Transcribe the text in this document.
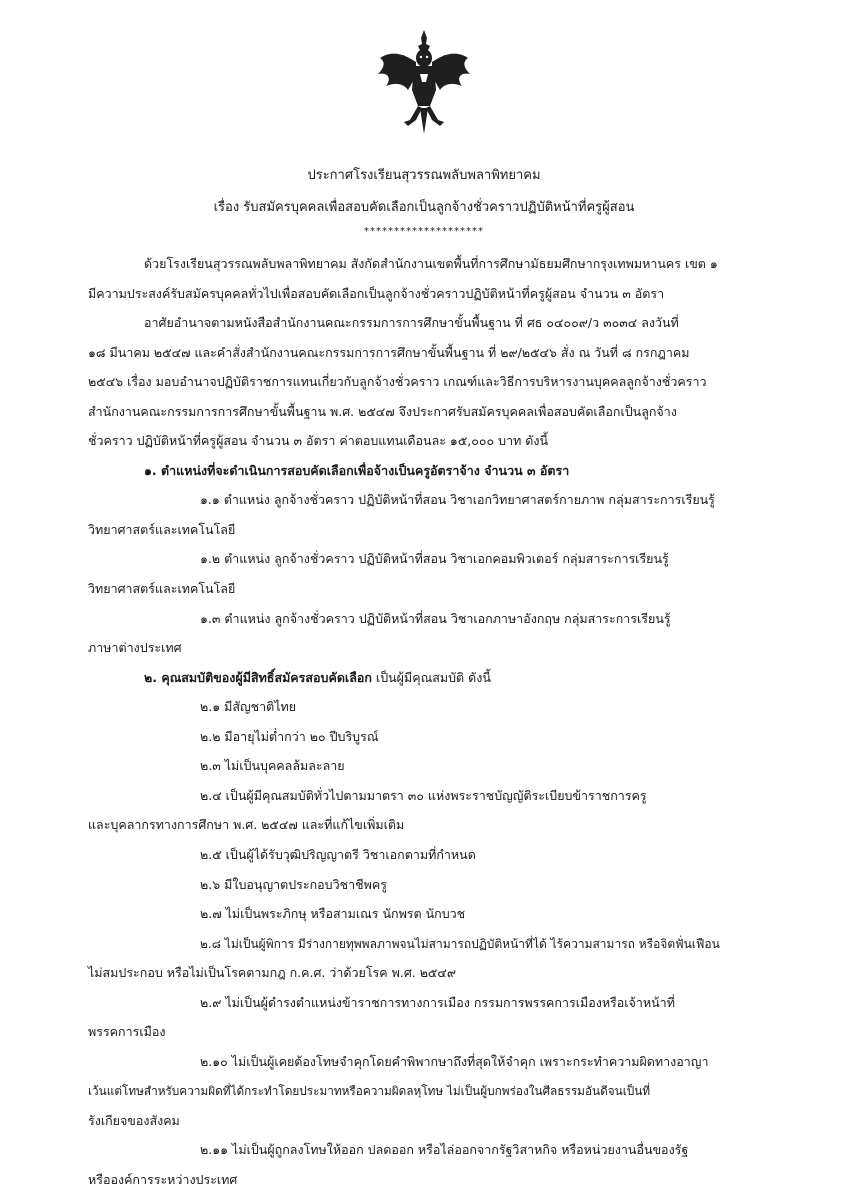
ประกาศโรงเรียนสุวรรณพลับพลาพิทยาคม
เรื่อง รับสมัครบุคคลเพื่อสอบคัดเลือกเป็นลูกจ้างชั่วคราวปฏิบัติหน้าที่ครูผู้สอน
********************
ด้วยโรงเรียนสุวรรณพลับพลาพิทยาคม สังกัดสำนักงานเขตพื้นที่การศึกษามัธยมศึกษากรุงเทพมหานคร เขต ๑
มีความประสงค์รับสมัครบุคคลทั่วไปเพื่อสอบคัดเลือกเป็นลูกจ้างชั่วคราวปฏิบัติหน้าที่ครูผู้สอน จำนวน ๓ อัตรา
อาศัยอำนาจตามหนังสือสำนักงานคณะกรรมการการศึกษาขั้นพื้นฐาน ที่ ศธ ๐๔๐๐๙/ว ๓๐๓๔ ลงวันที่
๑๘ มีนาคม ๒๕๔๗ และคำสั่งสำนักงานคณะกรรมการการศึกษาขั้นพื้นฐาน ที่ ๒๙/๒๕๔๖ สั่ง ณ วันที่ ๘ กรกฎาคม
๒๕๔๖ เรื่อง มอบอำนาจปฏิบัติราชการแทนเกี่ยวกับลูกจ้างชั่วคราว เกณฑ์และวิธีการบริหารงานบุคคลลูกจ้างชั่วคราว
สำนักงานคณะกรรมการการศึกษาขั้นพื้นฐาน พ.ศ. ๒๕๔๗ จึงประกาศรับสมัครบุคคลเพื่อสอบคัดเลือกเป็นลูกจ้าง
ชั่วคราว ปฏิบัติหน้าที่ครูผู้สอน จำนวน ๓ อัตรา ค่าตอบแทนเดือนละ ๑๕,๐๐๐ บาท ดังนี้
๑. ตำแหน่งที่จะดำเนินการสอบคัดเลือกเพื่อจ้างเป็นครูอัตราจ้าง จำนวน ๓ อัตรา
๑.๑ ตำแหน่ง ลูกจ้างชั่วคราว ปฏิบัติหน้าที่สอน วิชาเอกวิทยาศาสตร์กายภาพ กลุ่มสาระการเรียนรู้
วิทยาศาสตร์และเทคโนโลยี
๑.๒ ตำแหน่ง ลูกจ้างชั่วคราว ปฏิบัติหน้าที่สอน วิชาเอกคอมพิวเตอร์ กลุ่มสาระการเรียนรู้
วิทยาศาสตร์และเทคโนโลยี
๑.๓ ตำแหน่ง ลูกจ้างชั่วคราว ปฏิบัติหน้าที่สอน วิชาเอกภาษาอังกฤษ กลุ่มสาระการเรียนรู้
ภาษาต่างประเทศ
๒. คุณสมบัติของผู้มีสิทธิ์สมัครสอบคัดเลือก เป็นผู้มีคุณสมบัติ ดังนี้
๒.๑ มีสัญชาติไทย
๒.๒ มีอายุไม่ต่ำกว่า ๒๐ ปีบริบูรณ์
๒.๓ ไม่เป็นบุคคลล้มละลาย
๒.๔ เป็นผู้มีคุณสมบัติทั่วไปตามมาตรา ๓๐ แห่งพระราชบัญญัติระเบียบข้าราชการครู
และบุคลากรทางการศึกษา พ.ศ. ๒๕๔๗ และที่แก้ไขเพิ่มเติม
๒.๕ เป็นผู้ได้รับวุฒิปริญญาตรี วิชาเอกตามที่กำหนด
๒.๖ มีใบอนุญาตประกอบวิชาชีพครู
๒.๗ ไม่เป็นพระภิกษุ หรือสามเณร นักพรต นักบวช
๒.๘ ไม่เป็นผู้พิการ มีร่างกายทุพพลภาพจนไม่สามารถปฏิบัติหน้าที่ได้ ไร้ความสามารถ หรือจิตฟั่นเฟือน
ไม่สมประกอบ หรือไม่เป็นโรคตามกฎ ก.ค.ศ. ว่าด้วยโรค พ.ศ. ๒๕๔๙
๒.๙ ไม่เป็นผู้ดำรงตำแหน่งข้าราชการทางการเมือง กรรมการพรรคการเมืองหรือเจ้าหน้าที่
พรรคการเมือง
๒.๑๐ ไม่เป็นผู้เคยต้องโทษจำคุกโดยคำพิพากษาถึงที่สุดให้จำคุก เพราะกระทำความผิดทางอาญา
เว้นแต่โทษสำหรับความผิดที่ได้กระทำโดยประมาทหรือความผิดลหุโทษ ไม่เป็นผู้บกพร่องในศีลธรรมอันดีจนเป็นที่
รังเกียจของสังคม
๒.๑๑ ไม่เป็นผู้ถูกลงโทษให้ออก ปลดออก หรือไล่ออกจากรัฐวิสาหกิจ หรือหน่วยงานอื่นของรัฐ
หรือองค์การระหว่างประเทศ
